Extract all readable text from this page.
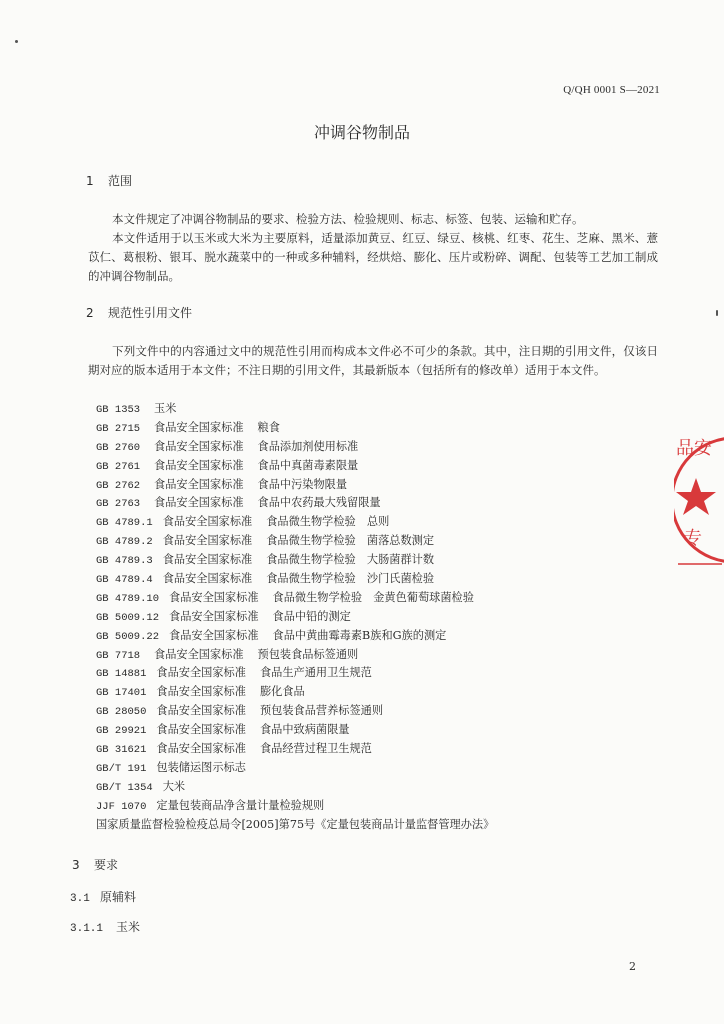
Q/QH 0001 S—2021
冲调谷物制品
1 范围

本文件规定了冲调谷物制品的要求、检验方法、检验规则、标志、标签、包装、运输和贮存。

本文件适用于以玉米或大米为主要原料，适量添加黄豆、红豆、绿豆、核桃、红枣、花生、芝麻、黑米、薏苡仁、葛根粉、银耳、脱水蔬菜中的一种或多种辅料，经烘焙、膨化、压片或粉碎、调配、包装等工艺加工制成的冲调谷物制品。

2 规范性引用文件

下列文件中的内容通过文中的规范性引用而构成本文件必不可少的条款。其中，注日期的引用文件，仅该日期对应的版本适用于本文件；不注日期的引用文件，其最新版本（包括所有的修改单）适用于本文件。

GB 1353 玉米
GB 2715 食品安全国家标准 粮食
GB 2760 食品安全国家标准 食品添加剂使用标准
GB 2761 食品安全国家标准 食品中真菌毒素限量
GB 2762 食品安全国家标准 食品中污染物限量
GB 2763 食品安全国家标准 食品中农药最大残留限量
GB 4789.1 食品安全国家标准 食品微生物学检验　总则
GB 4789.2 食品安全国家标准 食品微生物学检验　菌落总数测定
GB 4789.3 食品安全国家标准 食品微生物学检验　大肠菌群计数
GB 4789.4 食品安全国家标准 食品微生物学检验　沙门氏菌检验
GB 4789.10 食品安全国家标准 食品微生物学检验　金黄色葡萄球菌检验
GB 5009.12 食品安全国家标准 食品中铅的测定
GB 5009.22 食品安全国家标准 食品中黄曲霉毒素B族和G族的测定
GB 7718 食品安全国家标准 预包装食品标签通则
GB 14881 食品安全国家标准 食品生产通用卫生规范
GB 17401 食品安全国家标准 膨化食品
GB 28050 食品安全国家标准 预包装食品营养标签通则
GB 29921 食品安全国家标准 食品中致病菌限量
GB 31621 食品安全国家标准 食品经营过程卫生规范
GB/T 191 包装储运图示标志
GB/T 1354 大米
JJF 1070 定量包装商品净含量计量检验规则
国家质量监督检验检疫总局令[2005]第75号《定量包装商品计量监督管理办法》
3 要求
3.1 原辅料
3.1.1 玉米
2
品安
专
